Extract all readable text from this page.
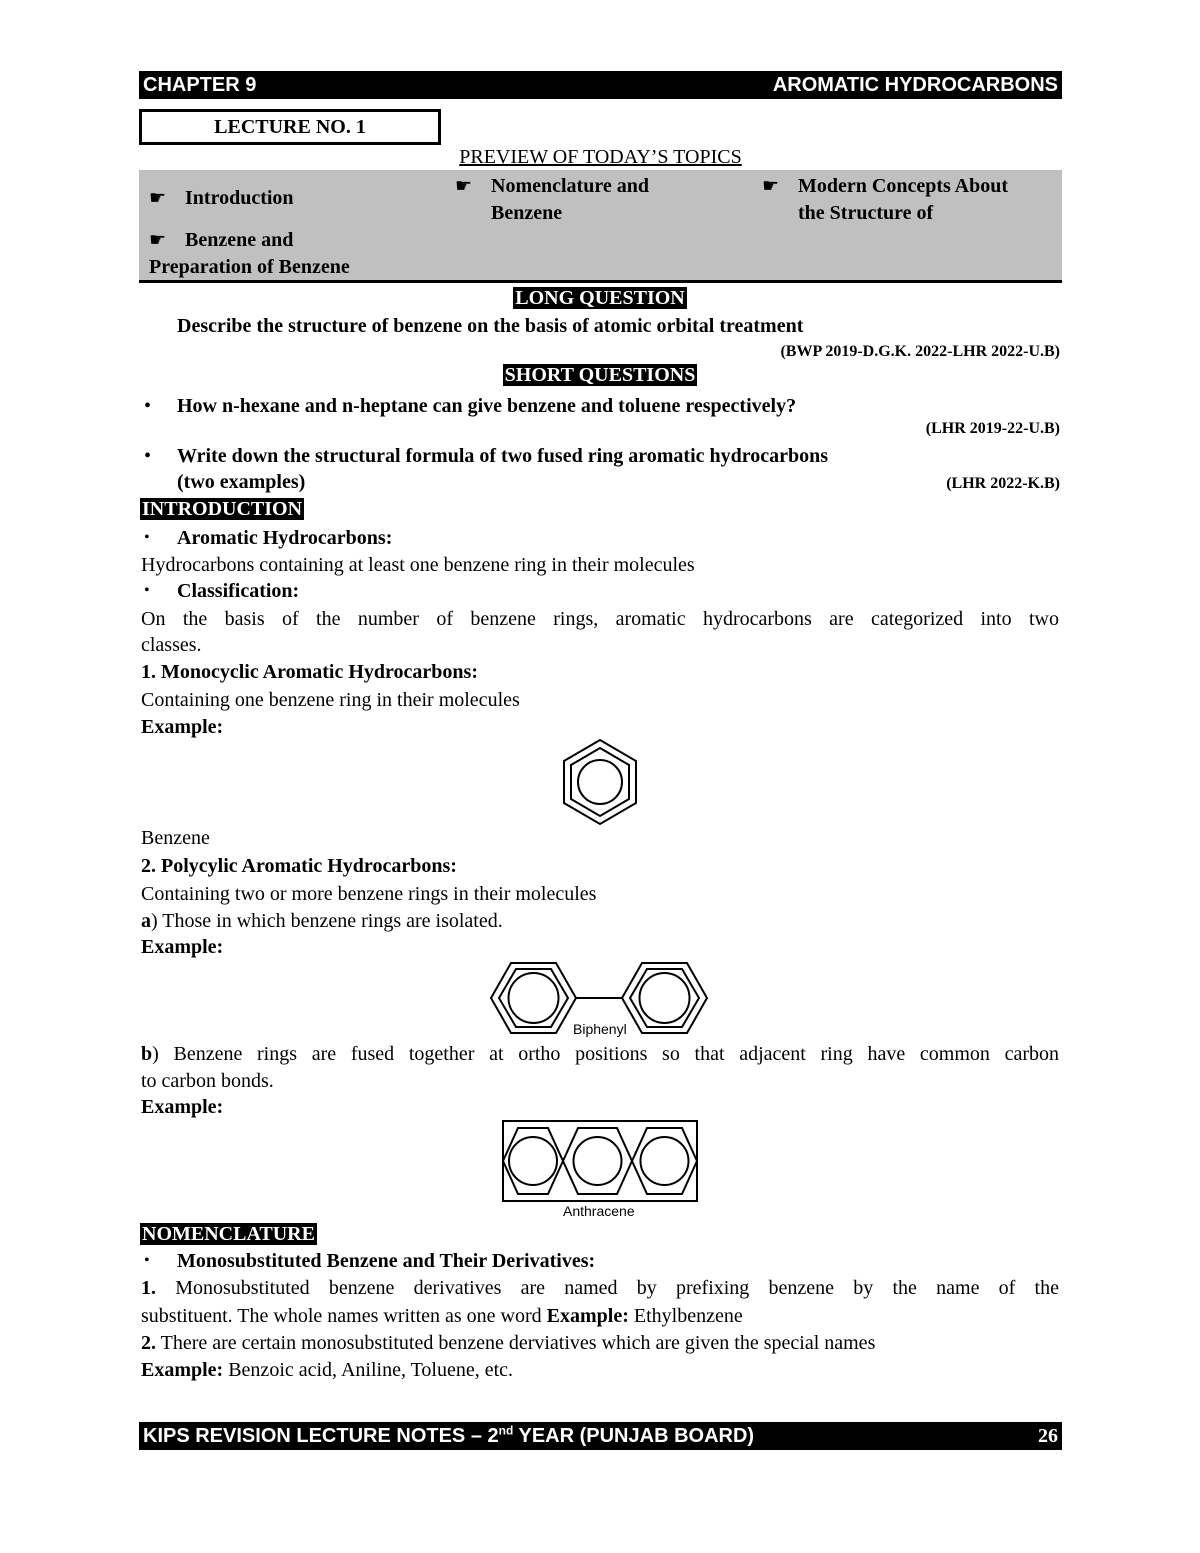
CHAPTER 9	AROMATIC HYDROCARBONS
LECTURE NO. 1
PREVIEW OF TODAY’S TOPICS
☛ Introduction
☛ Nomenclature and
Benzene
☛ Modern Concepts About
the Structure of
☛ Benzene and
Preparation of Benzene
LONG QUESTION
Describe the structure of benzene on the basis of atomic orbital treatment
(BWP 2019-D.G.K. 2022-LHR 2022-U.B)
SHORT QUESTIONS
• How n-hexane and n-heptane can give benzene and toluene respectively?
(LHR 2019-22-U.B)
• Write down the structural formula of two fused ring aromatic hydrocarbons
(two examples)	(LHR 2022-K.B)
INTRODUCTION
• Aromatic Hydrocarbons:
Hydrocarbons containing at least one benzene ring in their molecules
• Classification:
On the basis of the number of benzene rings, aromatic hydrocarbons are categorized into two
classes.
1. Monocyclic Aromatic Hydrocarbons:
Containing one benzene ring in their molecules
Example:
Benzene
2. Polycylic Aromatic Hydrocarbons:
Containing two or more benzene rings in their molecules
a) Those in which benzene rings are isolated.
Example:
Biphenyl
b) Benzene rings are fused together at ortho positions so that adjacent ring have common carbon
to carbon bonds.
Example:
Anthracene
NOMENCLATURE
• Monosubstituted Benzene and Their Derivatives:
1. Monosubstituted benzene derivatives are named by prefixing benzene by the name of the
substituent. The whole names written as one word Example: Ethylbenzene
2. There are certain monosubstituted benzene derviatives which are given the special names
Example: Benzoic acid, Aniline, Toluene, etc.
KIPS REVISION LECTURE NOTES – 2nd YEAR (PUNJAB BOARD)	26
